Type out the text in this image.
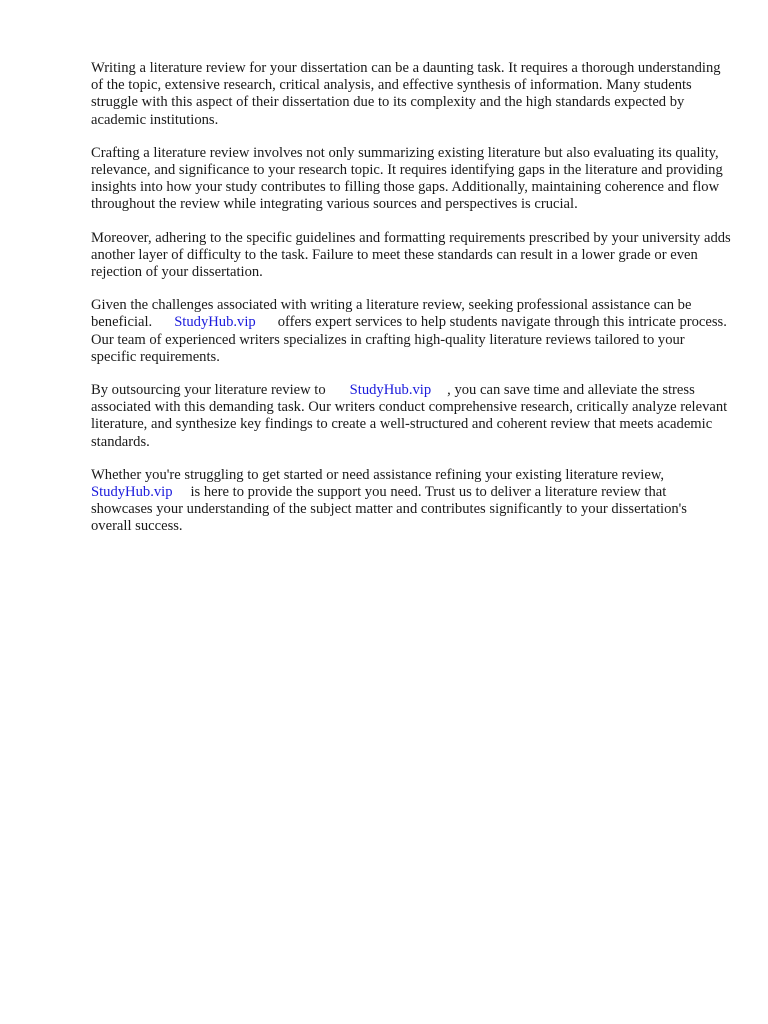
Writing a literature review for your dissertation can be a daunting task. It requires a thorough understanding of the topic, extensive research, critical analysis, and effective synthesis of information. Many students struggle with this aspect of their dissertation due to its complexity and the high standards expected by academic institutions.

Crafting a literature review involves not only summarizing existing literature but also evaluating its quality, relevance, and significance to your research topic. It requires identifying gaps in the literature and providing insights into how your study contributes to filling those gaps. Additionally, maintaining coherence and flow throughout the review while integrating various sources and perspectives is crucial.

Moreover, adhering to the specific guidelines and formatting requirements prescribed by your university adds another layer of difficulty to the task. Failure to meet these standards can result in a lower grade or even rejection of your dissertation.

Given the challenges associated with writing a literature review, seeking professional assistance can be beneficial. StudyHub.vip offers expert services to help students navigate through this intricate process. Our team of experienced writers specializes in crafting high-quality literature reviews tailored to your specific requirements.

By outsourcing your literature review to StudyHub.vip , you can save time and alleviate the stress associated with this demanding task. Our writers conduct comprehensive research, critically analyze relevant literature, and synthesize key findings to create a well-structured and coherent review that meets academic standards.

Whether you're struggling to get started or need assistance refining your existing literature review, StudyHub.vip is here to provide the support you need. Trust us to deliver a literature review that showcases your understanding of the subject matter and contributes significantly to your dissertation's overall success.
